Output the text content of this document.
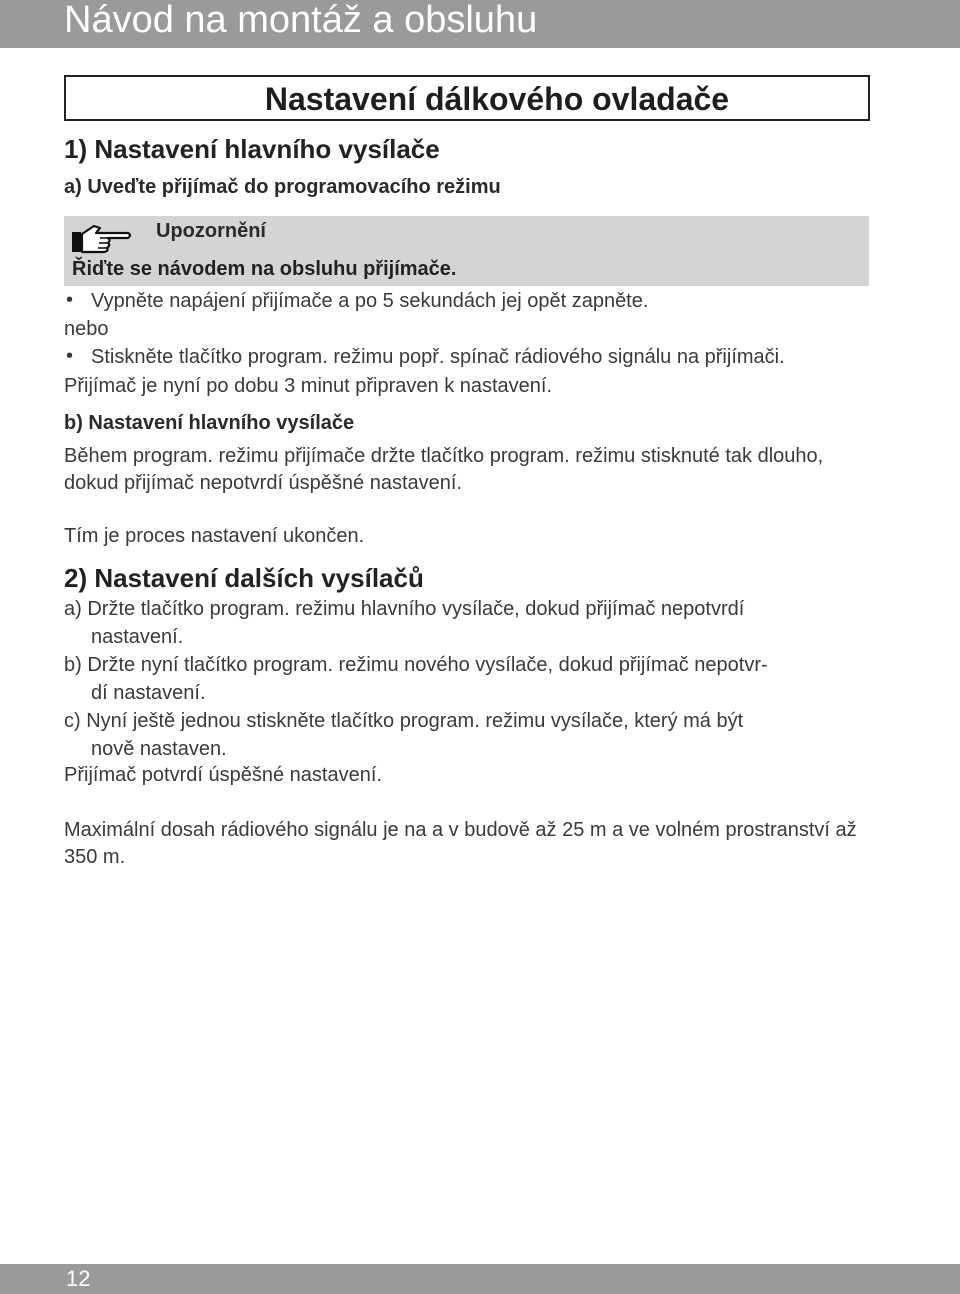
Návod na montáž a obsluhu
Nastavení dálkového ovladače
1) Nastavení hlavního vysílače
a) Uveďte přijímač do programovacího režimu
Upozornění
Řiďte se návodem na obsluhu přijímače.
• Vypněte napájení přijímače a po 5 sekundách jej opět zapněte.
nebo
• Stiskněte tlačítko program. režimu popř. spínač rádiového signálu na přijímači.
Přijímač je nyní po dobu 3 minut připraven k nastavení.
b) Nastavení hlavního vysílače
Během program. režimu přijímače držte tlačítko program. režimu stisknuté tak dlouho, dokud přijímač nepotvrdí úspěšné nastavení.
Tím je proces nastavení ukončen.
2) Nastavení dalších vysílačů
a) Držte tlačítko program. režimu hlavního vysílače, dokud přijímač nepotvrdí
nastavení.
b) Držte nyní tlačítko program. režimu nového vysílače, dokud přijímač nepotvr-
dí nastavení.
c) Nyní ještě jednou stiskněte tlačítko program. režimu vysílače, který má být
nově nastaven.
Přijímač potvrdí úspěšné nastavení.
Maximální dosah rádiového signálu je na a v budově až 25 m a ve volném prostranství až 350 m.
12
